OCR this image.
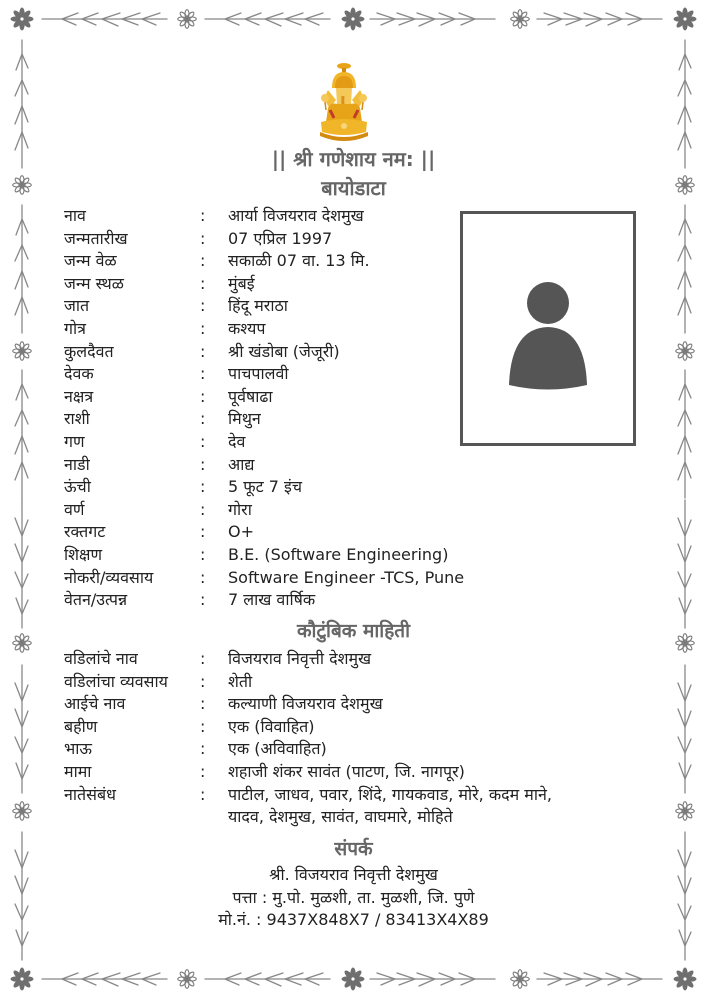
|| श्री गणेशाय नम: ||
बायोडाटा
नाव	: आर्या विजयराव देशमुख
जन्मतारीख	: 07 एप्रिल 1997
जन्म वेळ	: सकाळी 07 वा. 13 मि.
जन्म स्थळ	: मुंबई
जात	: हिंदू मराठा
गोत्र	: कश्यप
कुलदैवत	: श्री खंडोबा (जेजूरी)
देवक	: पाचपालवी
नक्षत्र	: पूर्वषाढा
राशी	: मिथुन
गण	: देव
नाडी	: आद्य
ऊंची	: 5 फूट 7 इंच
वर्ण	: गोरा
रक्तगट	: O+
शिक्षण	: B.E. (Software Engineering)
नोकरी/व्यवसाय	: Software Engineer -TCS, Pune
वेतन/उत्पन्न	: 7 लाख वार्षिक
कौटुंबिक माहिती
वडिलांचे नाव	: विजयराव निवृत्ती देशमुख
वडिलांचा व्यवसाय : शेती
आईचे नाव	: कल्याणी विजयराव देशमुख
बहीण	: एक (विवाहित)
भाऊ	: एक (अविवाहित)
मामा	: शहाजी शंकर सावंत (पाटण, जि. नागपूर)
नातेसंबंध	: पाटील, जाधव, पवार, शिंदे, गायकवाड, मोरे, कदम माने, यादव, देशमुख, सावंत, वाघमारे, मोहिते
संपर्क
श्री. विजयराव निवृत्ती देशमुख
पत्ता : मु.पो. मुळशी, ता. मुळशी, जि. पुणे
मो.नं. : 9437X848X7 / 83413X4X89
